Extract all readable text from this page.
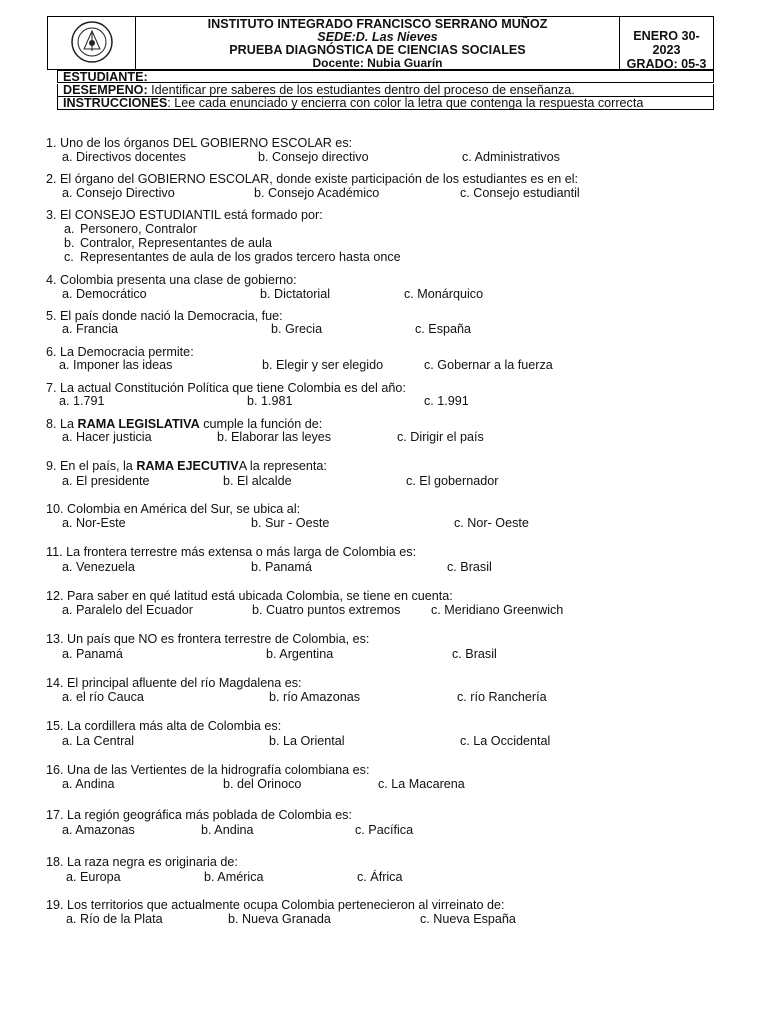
INSTITUTO INTEGRADO FRANCISCO SERRANO MUÑOZ
SEDE:D. Las Nieves
PRUEBA DIAGNÓSTICA DE CIENCIAS SOCIALES
Docente: Nubia Guarín
ENERO 30-2023
GRADO: 05-3
ESTUDIANTE:
DESEMPEÑO: Identificar pre saberes de los estudiantes dentro del proceso de enseñanza.
INSTRUCCIONES: Lee cada enunciado y encierra con color la letra que contenga la respuesta correcta
1. Uno de los órganos DEL GOBIERNO ESCOLAR es:
a. Directivos docentes	b. Consejo directivo	c. Administrativos
2. El órgano del GOBIERNO ESCOLAR, donde existe participación de los estudiantes es en el:
a. Consejo Directivo	b. Consejo Académico	c. Consejo estudiantil
3. El CONSEJO ESTUDIANTIL está formado por:
a. Personero, Contralor
b. Contralor, Representantes de aula
c. Representantes de aula de los grados tercero hasta once
4. Colombia presenta una clase de gobierno:
a. Democrático	b. Dictatorial	c. Monárquico
5. El país donde nació la Democracia, fue:
a. Francia	b. Grecia	c. España
6. La Democracia permite:
a. Imponer las ideas	b. Elegir y ser elegido	c. Gobernar a la fuerza
7. La actual Constitución Política que tiene Colombia es del año:
a. 1.791	b. 1.981	c. 1.991
8. La RAMA LEGISLATIVA cumple la función de:
a. Hacer justicia	b. Elaborar las leyes	c. Dirigir el país
9. En el país, la RAMA EJECUTIVA la representa:
a. El presidente	b. El alcalde	c. El gobernador
10. Colombia en América del Sur, se ubica al:
a. Nor-Este	b. Sur - Oeste	c. Nor- Oeste
11. La frontera terrestre más extensa o más larga de Colombia es:
a. Venezuela	b. Panamá	c. Brasil
12. Para saber en qué latitud está ubicada Colombia, se tiene en cuenta:
a. Paralelo del Ecuador	b. Cuatro puntos extremos c. Meridiano Greenwich
13. Un país que NO es frontera terrestre de Colombia, es:
a. Panamá	b. Argentina	c. Brasil
14. El principal afluente del río Magdalena es:
a. el río Cauca	b. río Amazonas	c. río Ranchería
15. La cordillera más alta de Colombia es:
a. La Central	b. La Oriental	c. La Occidental
16. Una de las Vertientes de la hidrografía colombiana es:
a. Andina	b. del Orinoco	c. La Macarena
17. La región geográfica más poblada de Colombia es:
a. Amazonas	b. Andina	c. Pacífica
18. La raza negra es originaria de:
a. Europa	b. América	c. África
19. Los territorios que actualmente ocupa Colombia pertenecieron al virreinato de:
a. Río de la Plata	b. Nueva Granada	c. Nueva España
